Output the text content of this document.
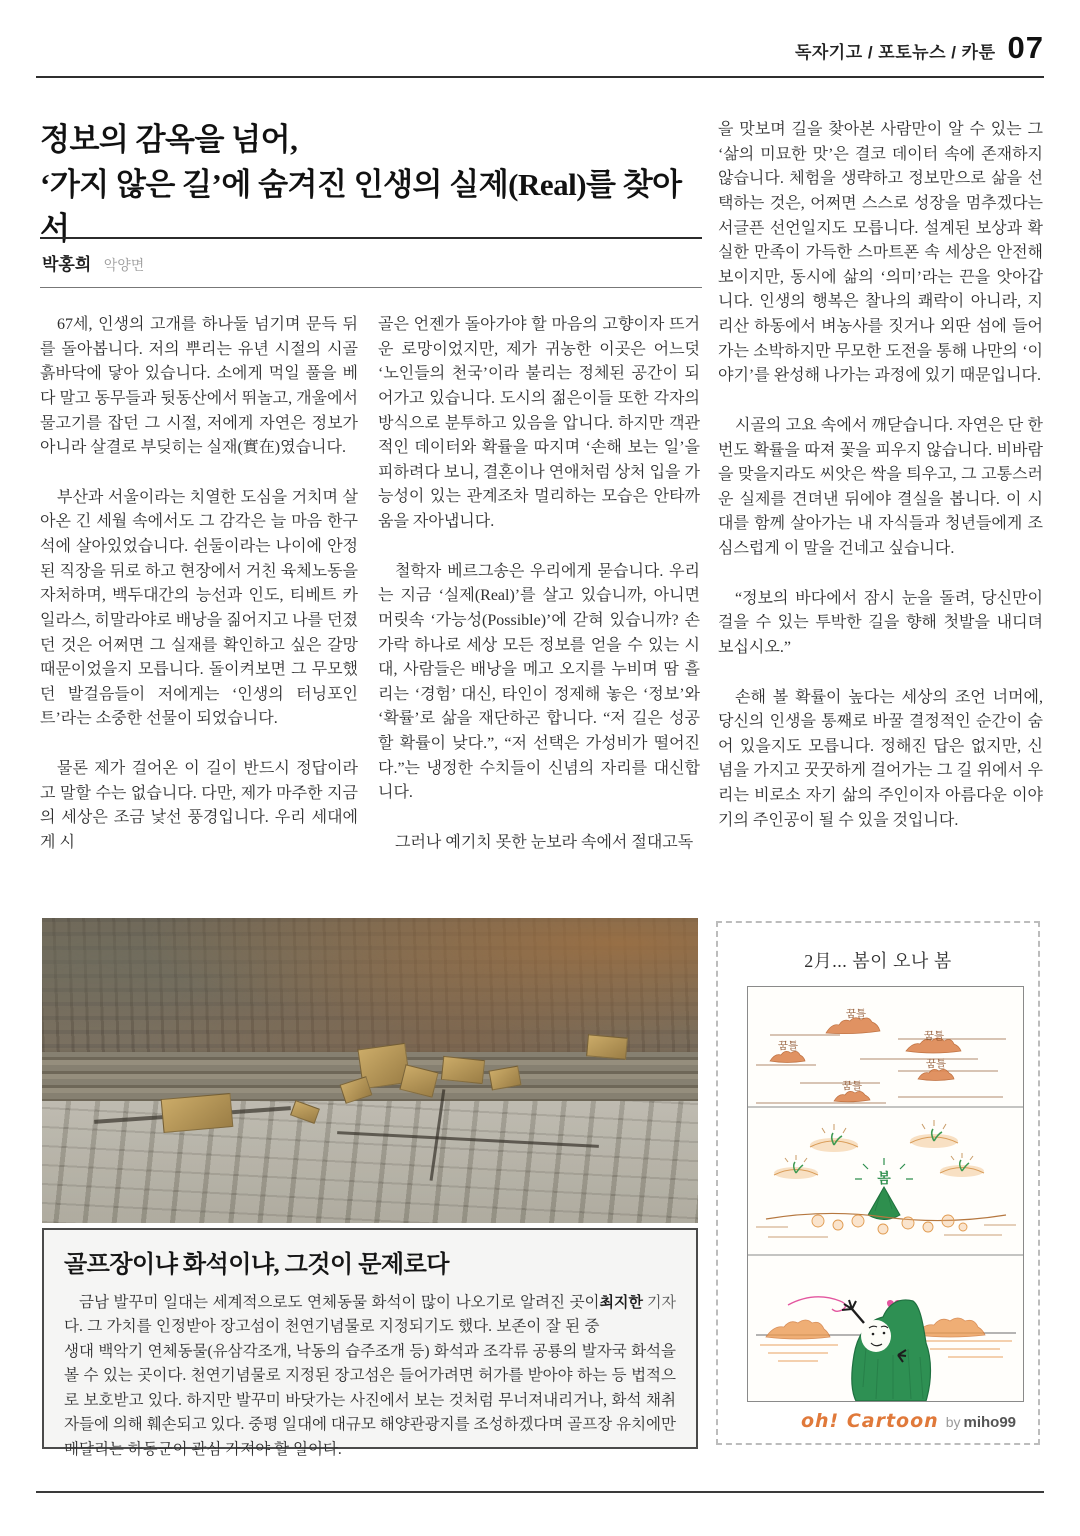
독자기고 / 포토뉴스 / 카툰 07
정보의 감옥을 넘어,
‘가지 않은 길’에 숨겨진 인생의 실제(Real)를 찾아서
박홍희 악양면

67세, 인생의 고개를 하나둘 넘기며 문득 뒤를 돌아봅니다. 저의 뿌리는 유년 시절의 시골 흙바닥에 닿아 있습니다. 소에게 먹일 풀을 베다 말고 동무들과 뒷동산에서 뛰놀고, 개울에서 물고기를 잡던 그 시절, 저에게 자연은 정보가 아니라 살결로 부딪히는 실재(實在)였습니다.

부산과 서울이라는 치열한 도심을 거치며 살아온 긴 세월 속에서도 그 감각은 늘 마음 한구석에 살아있었습니다. 쉰둘이라는 나이에 안정된 직장을 뒤로 하고 현장에서 거친 육체노동을 자처하며, 백두대간의 능선과 인도, 티베트 카일라스, 히말라야로 배낭을 짊어지고 나를 던졌던 것은 어쩌면 그 실재를 확인하고 싶은 갈망 때문이었을지 모릅니다. 돌이켜보면 그 무모했던 발걸음들이 저에게는 ‘인생의 터닝포인트’라는 소중한 선물이 되었습니다.

물론 제가 걸어온 이 길이 반드시 정답이라고 말할 수는 없습니다. 다만, 제가 마주한 지금의 세상은 조금 낯선 풍경입니다. 우리 세대에게 시

골은 언젠가 돌아가야 할 마음의 고향이자 뜨거운 로망이었지만, 제가 귀농한 이곳은 어느덧 ‘노인들의 천국’이라 불리는 정체된 공간이 되어가고 있습니다. 도시의 젊은이들 또한 각자의 방식으로 분투하고 있음을 압니다. 하지만 객관적인 데이터와 확률을 따지며 ‘손해 보는 일’을 피하려다 보니, 결혼이나 연애처럼 상처 입을 가능성이 있는 관계조차 멀리하는 모습은 안타까움을 자아냅니다.

철학자 베르그송은 우리에게 묻습니다. 우리는 지금 ‘실제(Real)’를 살고 있습니까, 아니면 머릿속 ‘가능성(Possible)’에 갇혀 있습니까? 손가락 하나로 세상 모든 정보를 얻을 수 있는 시대, 사람들은 배낭을 메고 오지를 누비며 땀 흘리는 ‘경험’ 대신, 타인이 정제해 놓은 ‘정보’와 ‘확률’로 삶을 재단하곤 합니다. “저 길은 성공할 확률이 낮다.”, “저 선택은 가성비가 떨어진다.”는 냉정한 수치들이 신념의 자리를 대신합니다.

그러나 예기치 못한 눈보라 속에서 절대고독

을 맛보며 길을 찾아본 사람만이 알 수 있는 그 ‘삶의 미묘한 맛’은 결코 데이터 속에 존재하지 않습니다. 체험을 생략하고 정보만으로 삶을 선택하는 것은, 어쩌면 스스로 성장을 멈추겠다는 서글픈 선언일지도 모릅니다. 설계된 보상과 확실한 만족이 가득한 스마트폰 속 세상은 안전해 보이지만, 동시에 삶의 ‘의미’라는 끈을 앗아갑니다. 인생의 행복은 찰나의 쾌락이 아니라, 지리산 하동에서 벼농사를 짓거나 외딴 섬에 들어가는 소박하지만 무모한 도전을 통해 나만의 ‘이야기’를 완성해 나가는 과정에 있기 때문입니다.

시골의 고요 속에서 깨닫습니다. 자연은 단 한 번도 확률을 따져 꽃을 피우지 않습니다. 비바람을 맞을지라도 씨앗은 싹을 틔우고, 그 고통스러운 실제를 견뎌낸 뒤에야 결실을 봅니다. 이 시대를 함께 살아가는 내 자식들과 청년들에게 조심스럽게 이 말을 건네고 싶습니다.

“정보의 바다에서 잠시 눈을 돌려, 당신만이 걸을 수 있는 투박한 길을 향해 첫발을 내디뎌 보십시오.”

손해 볼 확률이 높다는 세상의 조언 너머에, 당신의 인생을 통째로 바꿀 결정적인 순간이 숨어 있을지도 모릅니다. 정해진 답은 없지만, 신념을 가지고 꿋꿋하게 걸어가는 그 길 위에서 우리는 비로소 자기 삶의 주인이자 아름다운 이야기의 주인공이 될 수 있을 것입니다.

골프장이냐 화석이냐, 그것이 문제로다

최지한 기자
금남 발꾸미 일대는 세계적으로도 연체동물 화석이 많이 나오기로 알려진 곳이다. 그 가치를 인정받아 장고섬이 천연기념물로 지정되기도 했다. 보존이 잘 된 중생대 백악기 연체동물(유삼각조개, 낙동의 습주조개 등) 화석과 조각류 공룡의 발자국 화석을 볼 수 있는 곳이다. 천연기념물로 지정된 장고섬은 들어가려면 허가를 받아야 하는 등 법적으로 보호받고 있다. 하지만 발꾸미 바닷가는 사진에서 보는 것처럼 무너져내리거나, 화석 채취자들에 의해 훼손되고 있다. 중평 일대에 대규모 해양관광지를 조성하겠다며 골프장 유치에만 매달리는 하동군이 관심 가져야 할 일이다.

2月... 봄이 오나 봄
꿈틀
꿈틀
꿈틀
꿈틀
꿈틀
봄
oh! Cartoon by miho99
